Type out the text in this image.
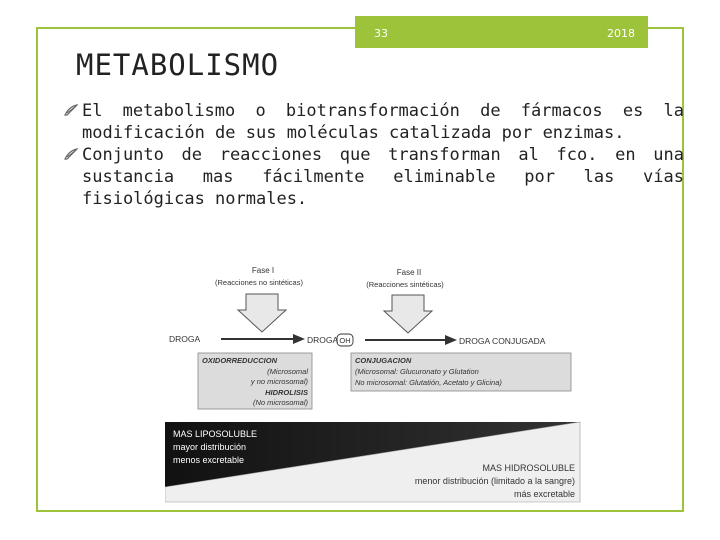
33	2018
METABOLISMO
El metabolismo o biotransformación de fármacos es la modificación de sus moléculas catalizada por enzimas.
Conjunto de reacciones que transforman al fco. en una sustancia mas fácilmente eliminable por las vías fisiológicas normales.
Fase I
(Reacciones no sintéticas)
Fase II
(Reacciones sintéticas)
DROGA	DROGA OH	DROGA CONJUGADA
OXIDORREDUCCION
(Microsomal
y no microsomal)
HIDROLISIS
(No microsomal)
CONJUGACION
(Microsomal: Glucuronato y Glutation
No microsomal: Glutatión, Acetato y Glicina)
MAS LIPOSOLUBLE
mayor distribución
menos excretable
MAS HIDROSOLUBLE
menor distribución (limitado a la sangre)
más excretable
